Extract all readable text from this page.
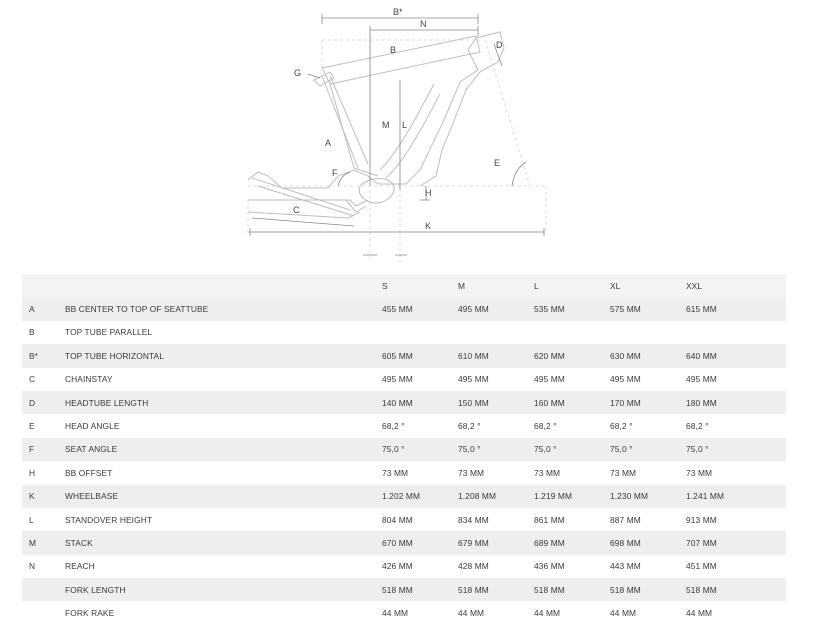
B*
N
B	D
G
M L
A
F
E
H
C
K
		S	M	L	XL	XXL
A	BB CENTER TO TOP OF SEATTUBE	455 MM	495 MM	535 MM	575 MM	615 MM
B	TOP TUBE PARALLEL					
B*	TOP TUBE HORIZONTAL	605 MM	610 MM	620 MM	630 MM	640 MM
C	CHAINSTAY	495 MM	495 MM	495 MM	495 MM	495 MM
D	HEADTUBE LENGTH	140 MM	150 MM	160 MM	170 MM	180 MM
E	HEAD ANGLE	68,2 °	68,2 °	68,2 °	68,2 °	68,2 °
F	SEAT ANGLE	75,0 °	75,0 °	75,0 °	75,0 °	75,0 °
H	BB OFFSET	73 MM	73 MM	73 MM	73 MM	73 MM
K	WHEELBASE	1.202 MM	1.208 MM	1.219 MM	1.230 MM	1.241 MM
L	STANDOVER HEIGHT	804 MM	834 MM	861 MM	887 MM	913 MM
M	STACK	670 MM	679 MM	689 MM	698 MM	707 MM
N	REACH	426 MM	428 MM	436 MM	443 MM	451 MM
	FORK LENGTH	518 MM	518 MM	518 MM	518 MM	518 MM
	FORK RAKE	44 MM	44 MM	44 MM	44 MM	44 MM
